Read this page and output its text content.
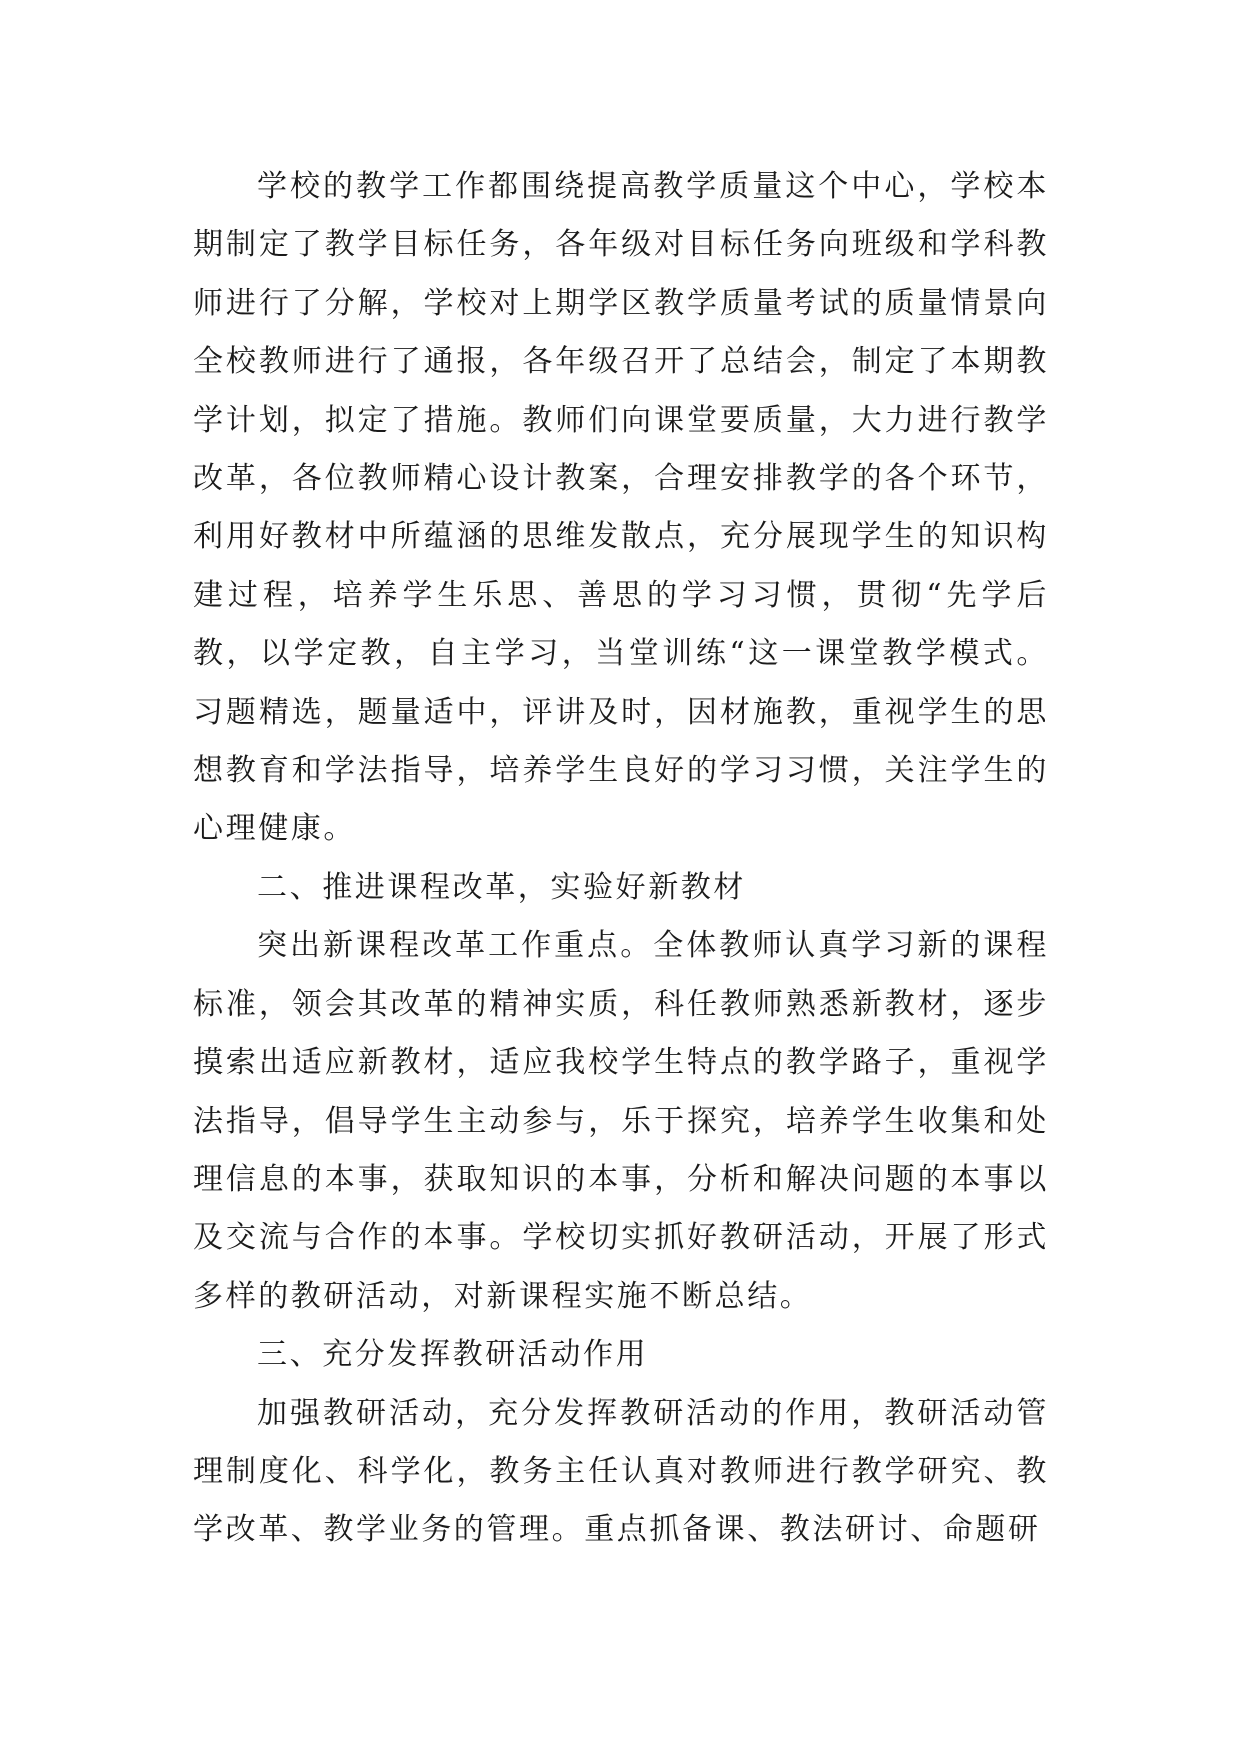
学校的教学工作都围绕提高教学质量这个中心，学校本期制定了教学目标任务，各年级对目标任务向班级和学科教师进行了分解，学校对上期学区教学质量考试的质量情景向全校教师进行了通报，各年级召开了总结会，制定了本期教学计划，拟定了措施。教师们向课堂要质量，大力进行教学改革，各位教师精心设计教案，合理安排教学的各个环节，利用好教材中所蕴涵的思维发散点，充分展现学生的知识构建过程，培养学生乐思、善思的学习习惯，贯彻“先学后教，以学定教，自主学习，当堂训练“这一课堂教学模式。习题精选，题量适中，评讲及时，因材施教，重视学生的思想教育和学法指导，培养学生良好的学习习惯，关注学生的心理健康。

二、推进课程改革，实验好新教材

突出新课程改革工作重点。全体教师认真学习新的课程标准，领会其改革的精神实质，科任教师熟悉新教材，逐步摸索出适应新教材，适应我校学生特点的教学路子，重视学法指导，倡导学生主动参与，乐于探究，培养学生收集和处理信息的本事，获取知识的本事，分析和解决问题的本事以及交流与合作的本事。学校切实抓好教研活动，开展了形式多样的教研活动，对新课程实施不断总结。

三、充分发挥教研活动作用

加强教研活动，充分发挥教研活动的作用，教研活动管理制度化、科学化，教务主任认真对教师进行教学研究、教学改革、教学业务的管理。重点抓备课、教法研讨、命题研
